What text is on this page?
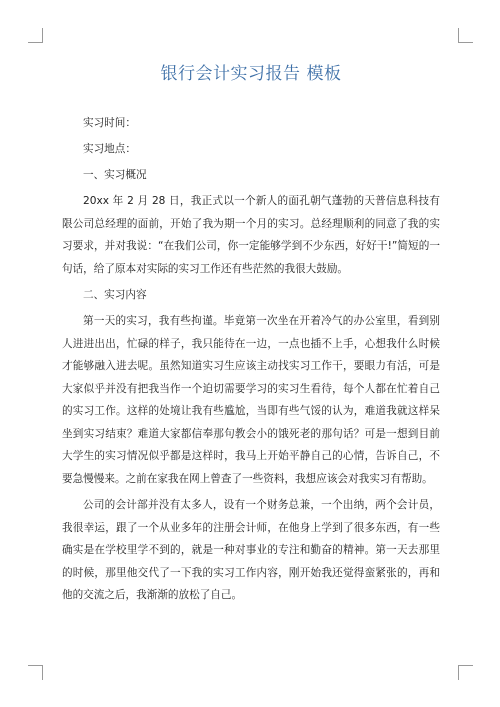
银行会计实习报告 模板

实习时间：

实习地点：

一、实习概况

20xx 年 2 月 28 日，我正式以一个新人的面孔朝气蓬勃的天普信息科技有限公司总经理的面前，开始了我为期一个月的实习。总经理顺利的同意了我的实习要求，并对我说：“在我们公司，你一定能够学到不少东西，好好干!”简短的一句话，给了原本对实际的实习工作还有些茫然的我很大鼓励。

二、实习内容

第一天的实习，我有些拘谨。毕竟第一次坐在开着冷气的办公室里，看到别人进进出出，忙碌的样子，我只能待在一边，一点也插不上手，心想我什么时候才能够融入进去呢。虽然知道实习生应该主动找实习工作干，要眼力有活，可是大家似乎并没有把我当作一个迫切需要学习的实习生看待，每个人都在忙着自己的实习工作。这样的处境让我有些尴尬，当即有些气馁的认为，难道我就这样呆坐到实习结束？难道大家都信奉那句教会小的饿死老的那句话？可是一想到目前大学生的实习情况似乎都是这样时，我马上开始平静自己的心情，告诉自己，不要急慢慢来。之前在家我在网上曾查了一些资料，我想应该会对我实习有帮助。

公司的会计部并没有太多人，设有一个财务总兼，一个出纳，两个会计员，我很幸运，跟了一个从业多年的注册会计师，在他身上学到了很多东西，有一些确实是在学校里学不到的，就是一种对事业的专注和勤奋的精神。第一天去那里的时候，那里他交代了一下我的实习工作内容，刚开始我还觉得蛮紧张的，再和他的交流之后，我渐渐的放松了自己。
